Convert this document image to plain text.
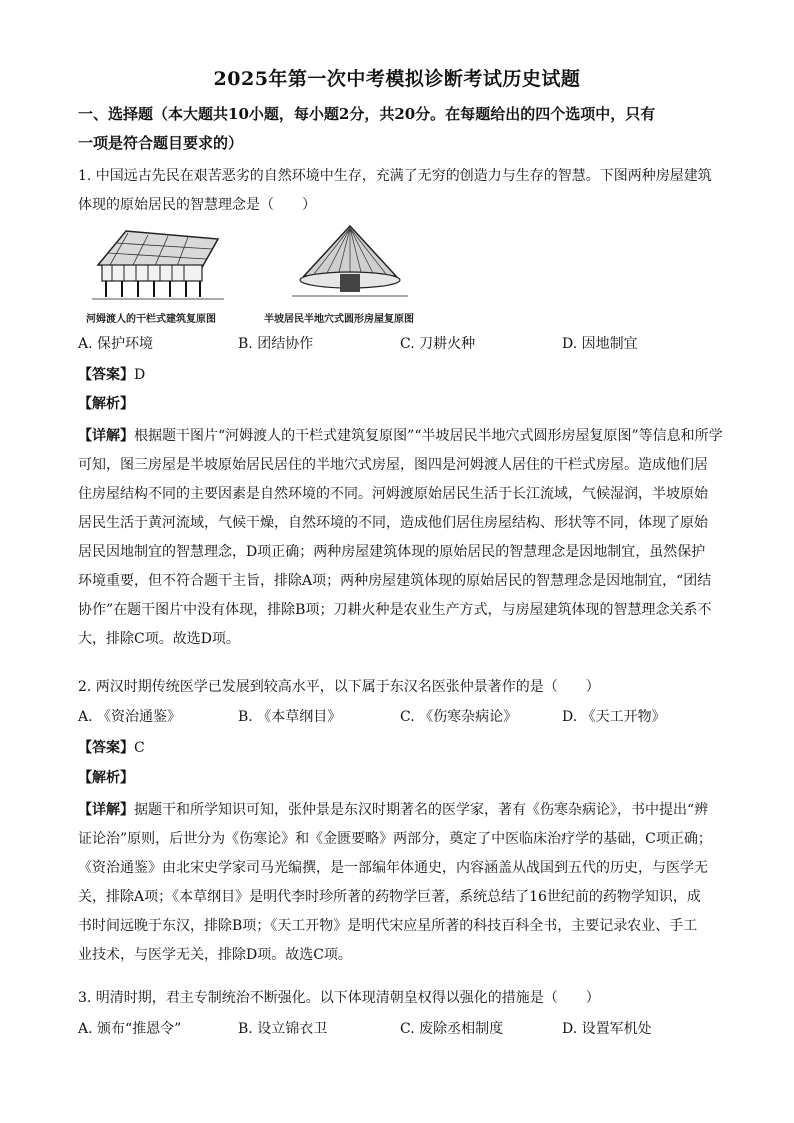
2025年第一次中考模拟诊断考试历史试题
一、选择题（本大题共10小题，每小题2分，共20分。在每题给出的四个选项中，只有
一项是符合题目要求的）
1. 中国远古先民在艰苦恶劣的自然环境中生存，充满了无穷的创造力与生存的智慧。下图两种房屋建筑
体现的原始居民的智慧理念是（　　）
河姆渡人的干栏式建筑复原图	半坡居民半地穴式圆形房屋复原图
A. 保护环境	B. 团结协作	C. 刀耕火种	D. 因地制宜
【答案】D
【解析】
【详解】根据题干图片“河姆渡人的干栏式建筑复原图”“半坡居民半地穴式圆形房屋复原图”等信息和所学
可知，图三房屋是半坡原始居民居住的半地穴式房屋，图四是河姆渡人居住的干栏式房屋。造成他们居
住房屋结构不同的主要因素是自然环境的不同。河姆渡原始居民生活于长江流域，气候湿润，半坡原始
居民生活于黄河流域，气候干燥，自然环境的不同，造成他们居住房屋结构、形状等不同，体现了原始
居民因地制宜的智慧理念，D项正确；两种房屋建筑体现的原始居民的智慧理念是因地制宜，虽然保护
环境重要，但不符合题干主旨，排除A项；两种房屋建筑体现的原始居民的智慧理念是因地制宜，“团结
协作”在题干图片中没有体现，排除B项；刀耕火种是农业生产方式，与房屋建筑体现的智慧理念关系不
大，排除C项。故选D项。
2. 两汉时期传统医学已发展到较高水平，以下属于东汉名医张仲景著作的是（　　）
A. 《资治通鉴》	B. 《本草纲目》	C. 《伤寒杂病论》	D. 《天工开物》
【答案】C
【解析】
【详解】据题干和所学知识可知，张仲景是东汉时期著名的医学家，著有《伤寒杂病论》，书中提出“辨
证论治”原则，后世分为《伤寒论》和《金匮要略》两部分，奠定了中医临床治疗学的基础，C项正确；
《资治通鉴》由北宋史学家司马光编撰，是一部编年体通史，内容涵盖从战国到五代的历史，与医学无
关，排除A项；《本草纲目》是明代李时珍所著的药物学巨著，系统总结了16世纪前的药物学知识，成
书时间远晚于东汉，排除B项；《天工开物》是明代宋应星所著的科技百科全书，主要记录农业、手工
业技术，与医学无关，排除D项。故选C项。
3. 明清时期，君主专制统治不断强化。以下体现清朝皇权得以强化的措施是（　　）
A. 颁布“推恩令”	B. 设立锦衣卫	C. 废除丞相制度	D. 设置军机处
